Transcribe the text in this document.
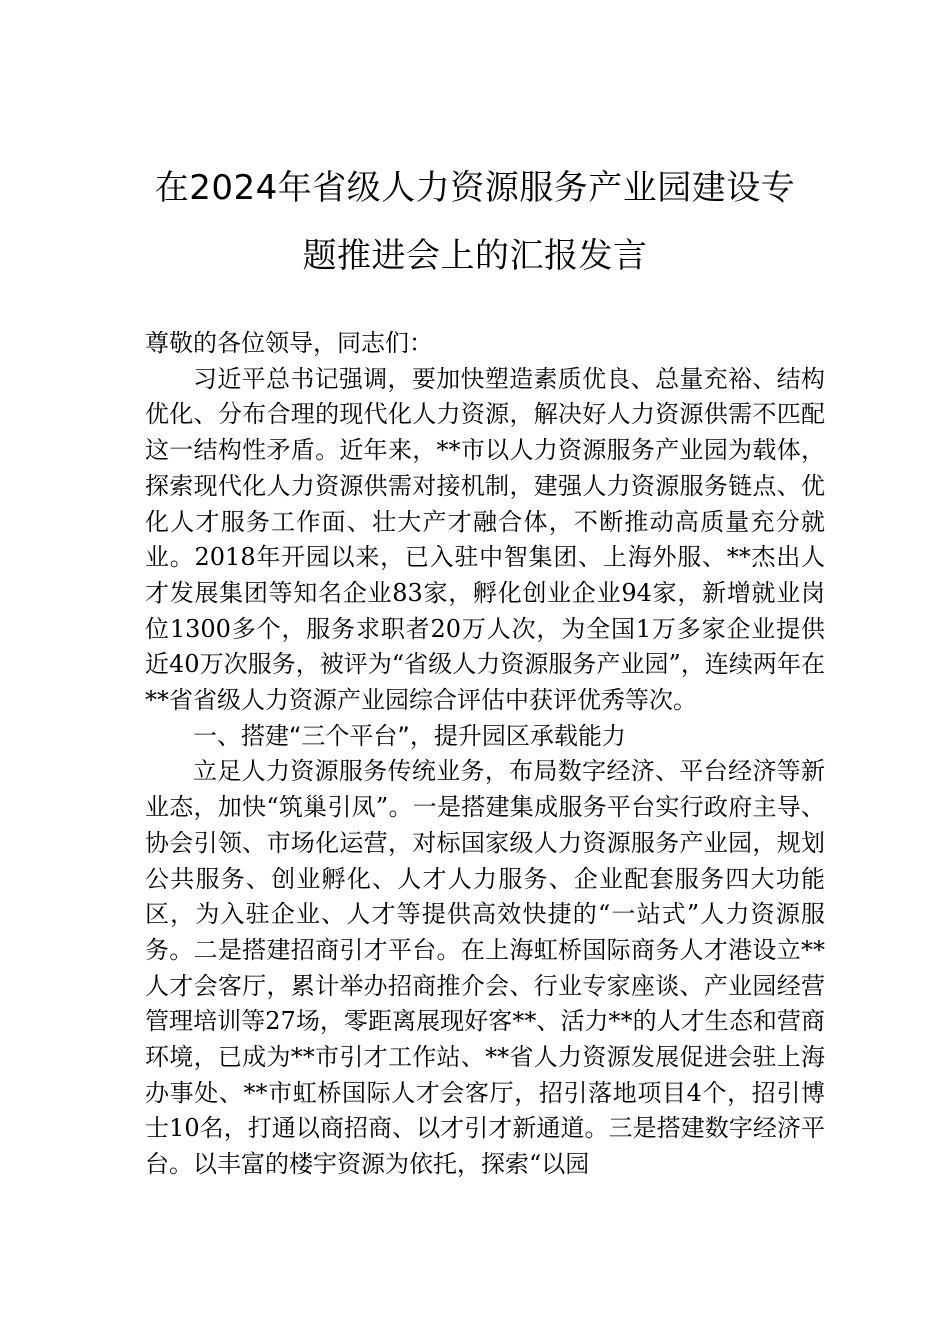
在2024年省级人力资源服务产业园建设专
题推进会上的汇报发言

尊敬的各位领导，同志们：

习近平总书记强调，要加快塑造素质优良、总量充裕、结构优化、分布合理的现代化人力资源，解决好人力资源供需不匹配这一结构性矛盾。近年来，**市以人力资源服务产业园为载体，探索现代化人力资源供需对接机制，建强人力资源服务链点、优化人才服务工作面、壮大产才融合体，不断推动高质量充分就业。2018年开园以来，已入驻中智集团、上海外服、**杰出人才发展集团等知名企业83家，孵化创业企业94家，新增就业岗位1300多个，服务求职者20万人次，为全国1万多家企业提供近40万次服务，被评为“省级人力资源服务产业园”，连续两年在**省省级人力资源产业园综合评估中获评优秀等次。

一、搭建“三个平台”，提升园区承载能力

立足人力资源服务传统业务，布局数字经济、平台经济等新业态，加快“筑巢引凤”。一是搭建集成服务平台实行政府主导、协会引领、市场化运营，对标国家级人力资源服务产业园，规划公共服务、创业孵化、人才人力服务、企业配套服务四大功能区，为入驻企业、人才等提供高效快捷的“一站式”人力资源服务。二是搭建招商引才平台。在上海虹桥国际商务人才港设立**人才会客厅，累计举办招商推介会、行业专家座谈、产业园经营管理培训等27场，零距离展现好客**、活力**的人才生态和营商环境，已成为**市引才工作站、**省人力资源发展促进会驻上海办事处、**市虹桥国际人才会客厅，招引落地项目4个，招引博士10名，打通以商招商、以才引才新通道。三是搭建数字经济平台。以丰富的楼宇资源为依托，探索“以园
